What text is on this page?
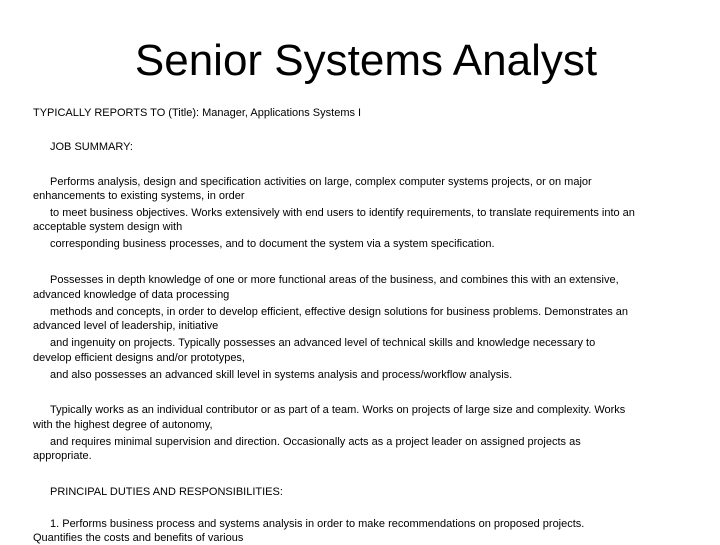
Senior Systems Analyst
TYPICALLY REPORTS TO (Title): Manager, Applications Systems I
JOB SUMMARY:
Performs analysis, design and specification activities on large, complex computer systems projects, or on major
enhancements to existing systems, in order
to meet business objectives. Works extensively with end users to identify requirements, to translate requirements into an
acceptable system design with
corresponding business processes, and to document the system via a system specification.
Possesses in depth knowledge of one or more functional areas of the business, and combines this with an extensive,
advanced knowledge of data processing
methods and concepts, in order to develop efficient, effective design solutions for business problems. Demonstrates an
advanced level of leadership, initiative
and ingenuity on projects. Typically possesses an advanced level of technical skills and knowledge necessary to
develop efficient designs and/or prototypes,
and also possesses an advanced skill level in systems analysis and process/workflow analysis.
Typically works as an individual contributor or as part of a team. Works on projects of large size and complexity. Works
with the highest degree of autonomy,
and requires minimal supervision and direction. Occasionally acts as a project leader on assigned projects as
appropriate.
PRINCIPAL DUTIES AND RESPONSIBILITIES:
1. Performs business process and systems analysis in order to make recommendations on proposed projects.
Quantifies the costs and benefits of various
